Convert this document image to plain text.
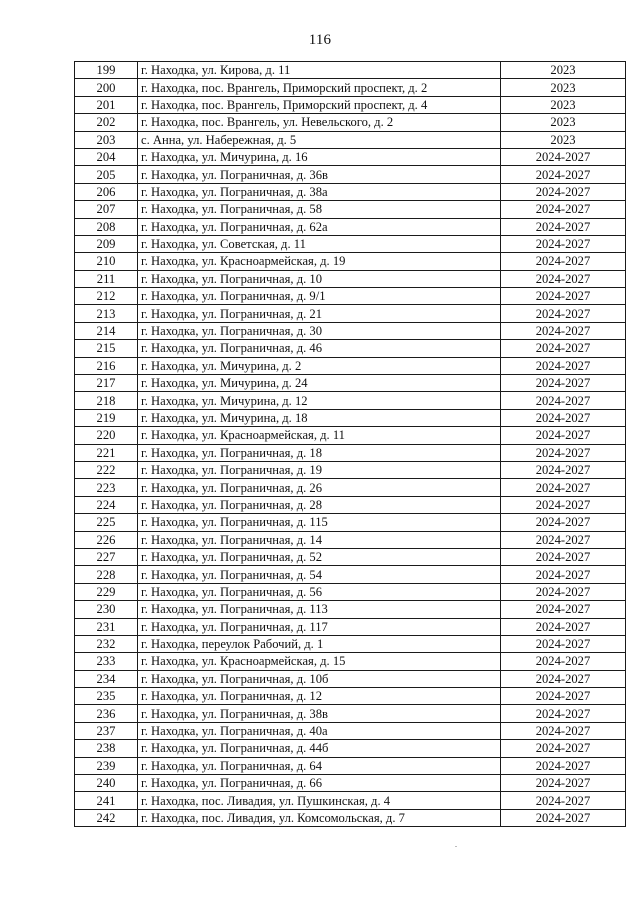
116
199	г. Находка, ул. Кирова, д. 11	2023
200	г. Находка, пос. Врангель, Приморский проспект, д. 2	2023
201	г. Находка, пос. Врангель, Приморский проспект, д. 4	2023
202	г. Находка, пос. Врангель, ул. Невельского, д. 2	2023
203	с. Анна, ул. Набережная, д. 5	2023
204	г. Находка, ул. Мичурина, д. 16	2024-2027
205	г. Находка, ул. Пограничная, д. 36в	2024-2027
206	г. Находка, ул. Пограничная, д. 38а	2024-2027
207	г. Находка, ул. Пограничная, д. 58	2024-2027
208	г. Находка, ул. Пограничная, д. 62а	2024-2027
209	г. Находка, ул. Советская, д. 11	2024-2027
210	г. Находка, ул. Красноармейская, д. 19	2024-2027
211	г. Находка, ул. Пограничная, д. 10	2024-2027
212	г. Находка, ул. Пограничная, д. 9/1	2024-2027
213	г. Находка, ул. Пограничная, д. 21	2024-2027
214	г. Находка, ул. Пограничная, д. 30	2024-2027
215	г. Находка, ул. Пограничная, д. 46	2024-2027
216	г. Находка, ул. Мичурина, д. 2	2024-2027
217	г. Находка, ул. Мичурина, д. 24	2024-2027
218	г. Находка, ул. Мичурина, д. 12	2024-2027
219	г. Находка, ул. Мичурина, д. 18	2024-2027
220	г. Находка, ул. Красноармейская, д. 11	2024-2027
221	г. Находка, ул. Пограничная, д. 18	2024-2027
222	г. Находка, ул. Пограничная, д. 19	2024-2027
223	г. Находка, ул. Пограничная, д. 26	2024-2027
224	г. Находка, ул. Пограничная, д. 28	2024-2027
225	г. Находка, ул. Пограничная, д. 115	2024-2027
226	г. Находка, ул. Пограничная, д. 14	2024-2027
227	г. Находка, ул. Пограничная, д. 52	2024-2027
228	г. Находка, ул. Пограничная, д. 54	2024-2027
229	г. Находка, ул. Пограничная, д. 56	2024-2027
230	г. Находка, ул. Пограничная, д. 113	2024-2027
231	г. Находка, ул. Пограничная, д. 117	2024-2027
232	г. Находка, переулок Рабочий, д. 1	2024-2027
233	г. Находка, ул. Красноармейская, д. 15	2024-2027
234	г. Находка, ул. Пограничная, д. 10б	2024-2027
235	г. Находка, ул. Пограничная, д. 12	2024-2027
236	г. Находка, ул. Пограничная, д. 38в	2024-2027
237	г. Находка, ул. Пограничная, д. 40а	2024-2027
238	г. Находка, ул. Пограничная, д. 44б	2024-2027
239	г. Находка, ул. Пограничная, д. 64	2024-2027
240	г. Находка, ул. Пограничная, д. 66	2024-2027
241	г. Находка, пос. Ливадия, ул. Пушкинская, д. 4	2024-2027
242	г. Находка, пос. Ливадия, ул. Комсомольская, д. 7	2024-2027
